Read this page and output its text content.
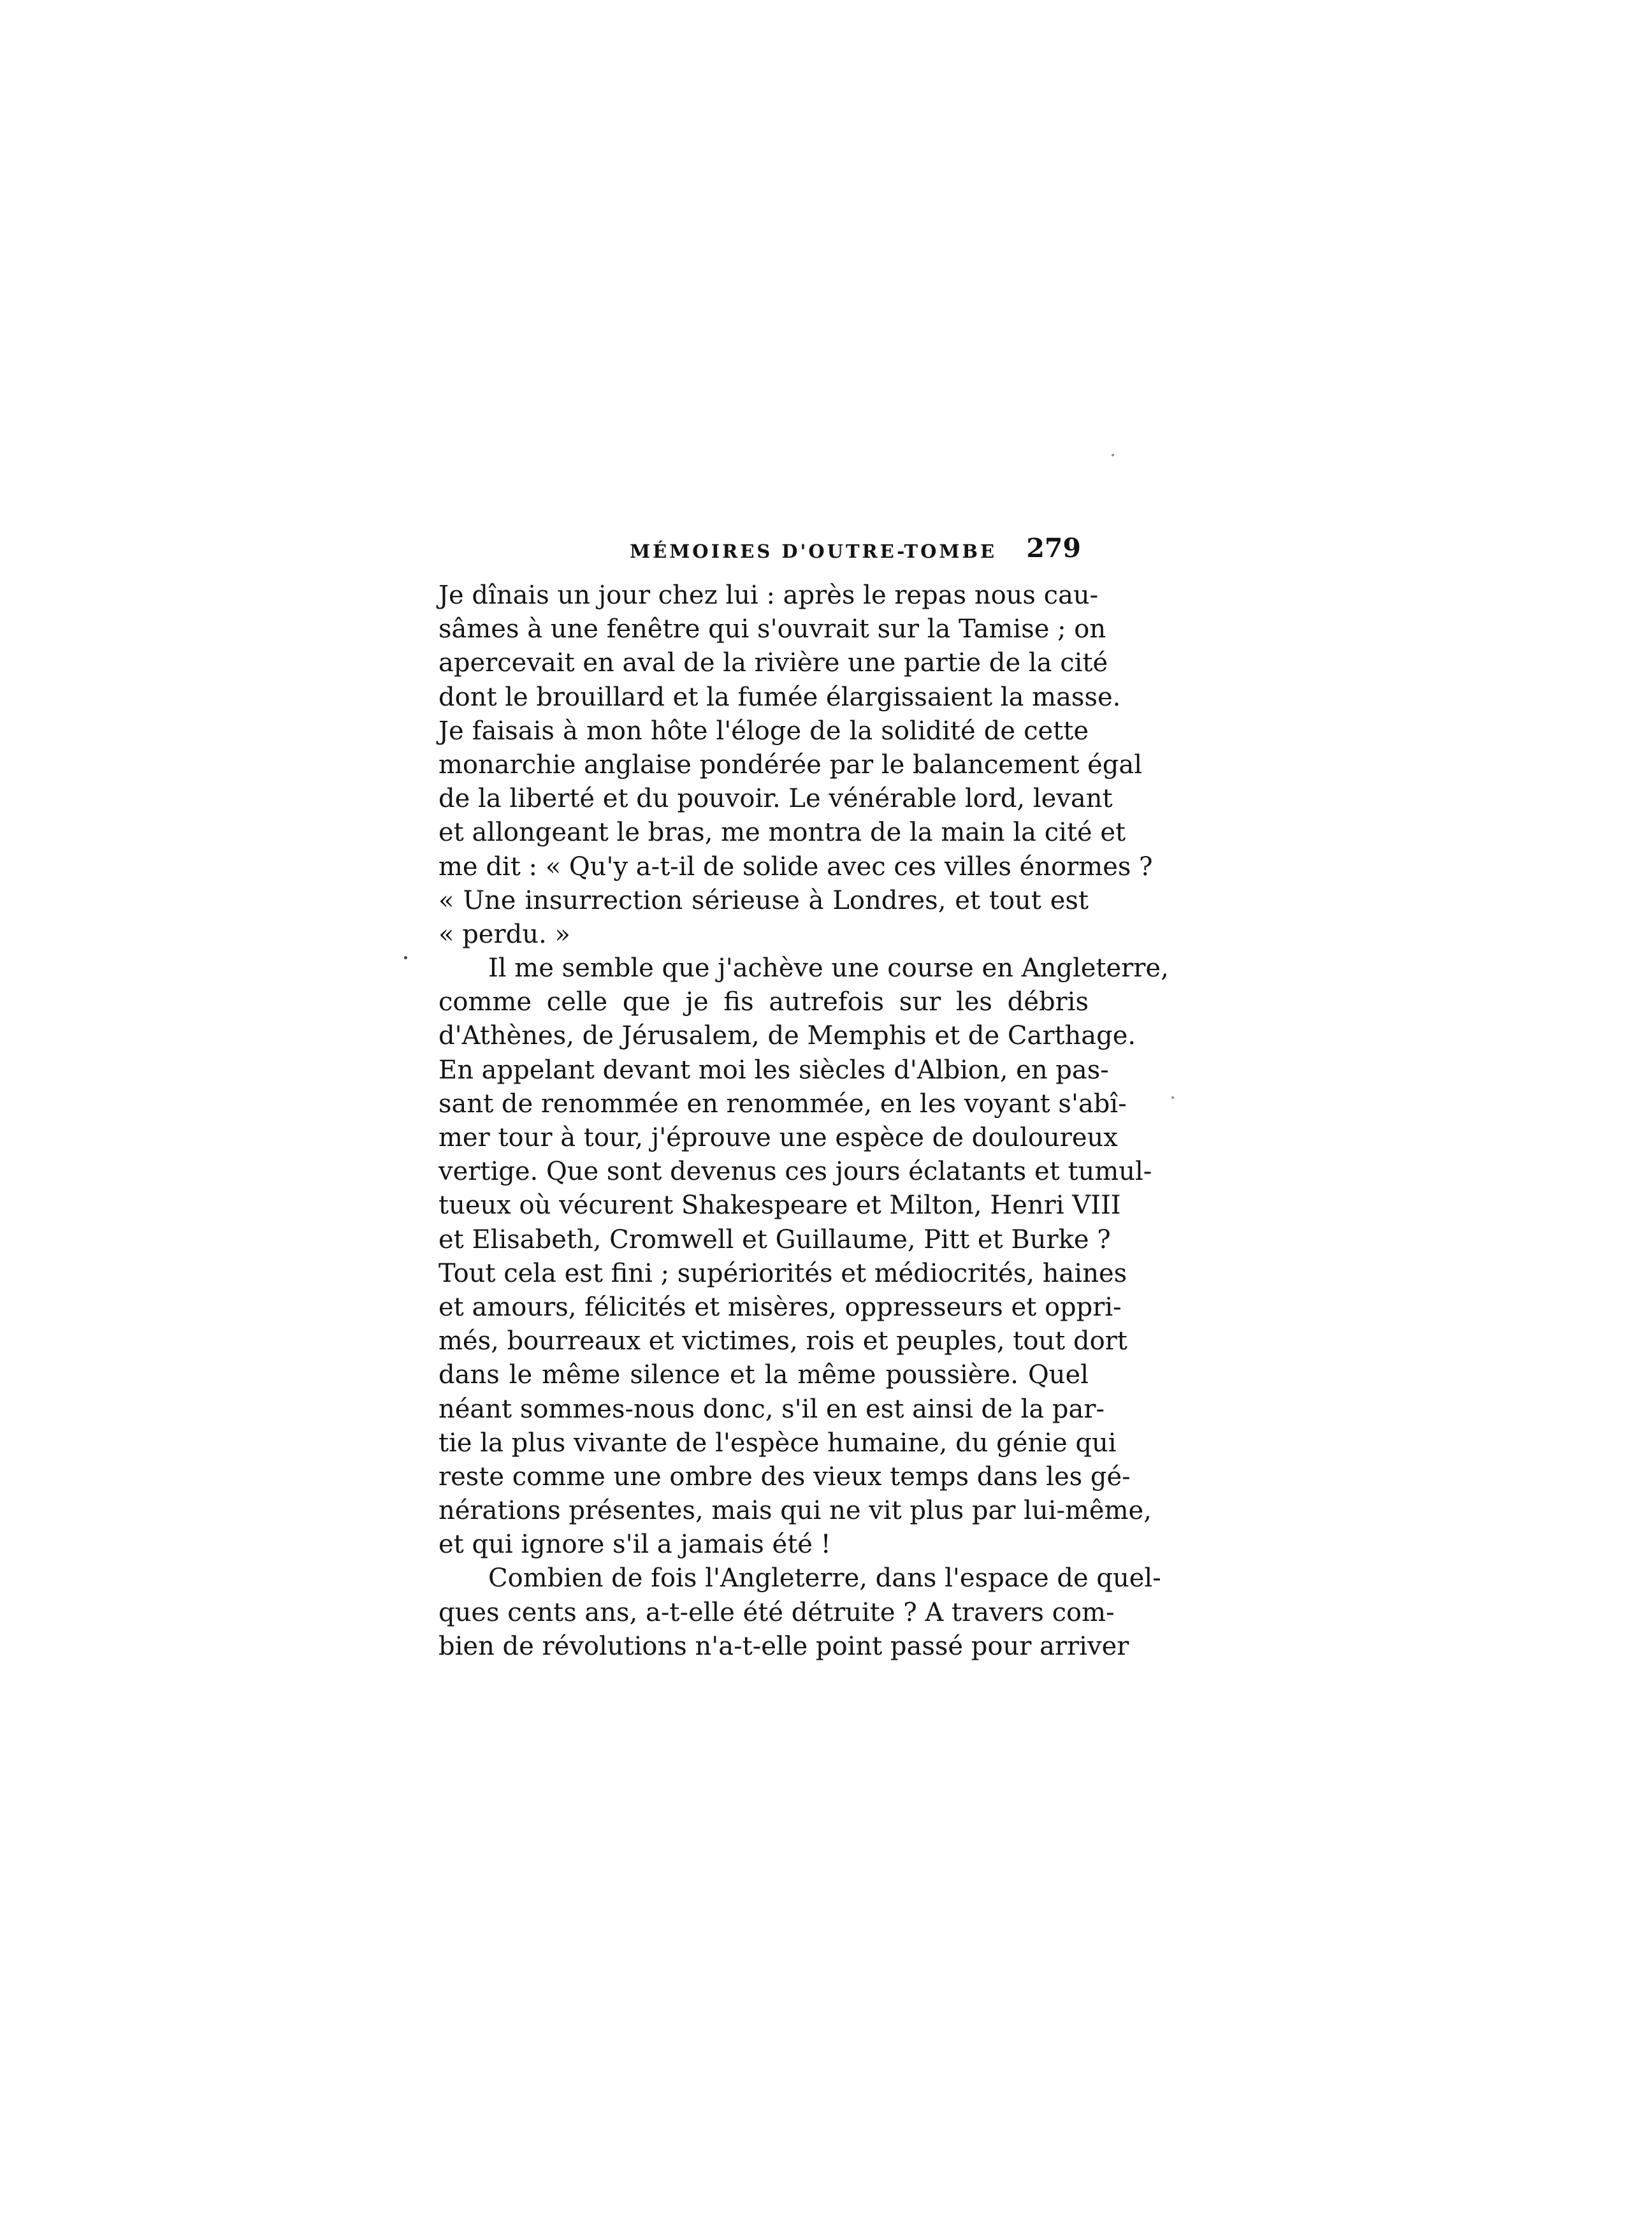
MÉMOIRES D'OUTRE-TOMBE 279
Je dînais un jour chez lui : après le repas nous cau-
sâmes à une fenêtre qui s'ouvrait sur la Tamise ; on
apercevait en aval de la rivière une partie de la cité
dont le brouillard et la fumée élargissaient la masse.
Je faisais à mon hôte l'éloge de la solidité de cette
monarchie anglaise pondérée par le balancement égal
de la liberté et du pouvoir. Le vénérable lord, levant
et allongeant le bras, me montra de la main la cité et
me dit : « Qu'y a-t-il de solide avec ces villes énormes ?
« Une insurrection sérieuse à Londres, et tout est
« perdu. »
Il me semble que j'achève une course en Angleterre,
comme celle que je fis autrefois sur les débris
d'Athènes, de Jérusalem, de Memphis et de Carthage.
En appelant devant moi les siècles d'Albion, en pas-
sant de renommée en renommée, en les voyant s'abî-
mer tour à tour, j'éprouve une espèce de douloureux
vertige. Que sont devenus ces jours éclatants et tumul-
tueux où vécurent Shakespeare et Milton, Henri VIII
et Elisabeth, Cromwell et Guillaume, Pitt et Burke ?
Tout cela est fini ; supériorités et médiocrités, haines
et amours, félicités et misères, oppresseurs et oppri-
més, bourreaux et victimes, rois et peuples, tout dort
dans le même silence et la même poussière. Quel
néant sommes-nous donc, s'il en est ainsi de la par-
tie la plus vivante de l'espèce humaine, du génie qui
reste comme une ombre des vieux temps dans les gé-
nérations présentes, mais qui ne vit plus par lui-même,
et qui ignore s'il a jamais été !
Combien de fois l'Angleterre, dans l'espace de quel-
ques cents ans, a-t-elle été détruite ? A travers com-
bien de révolutions n'a-t-elle point passé pour arriver
